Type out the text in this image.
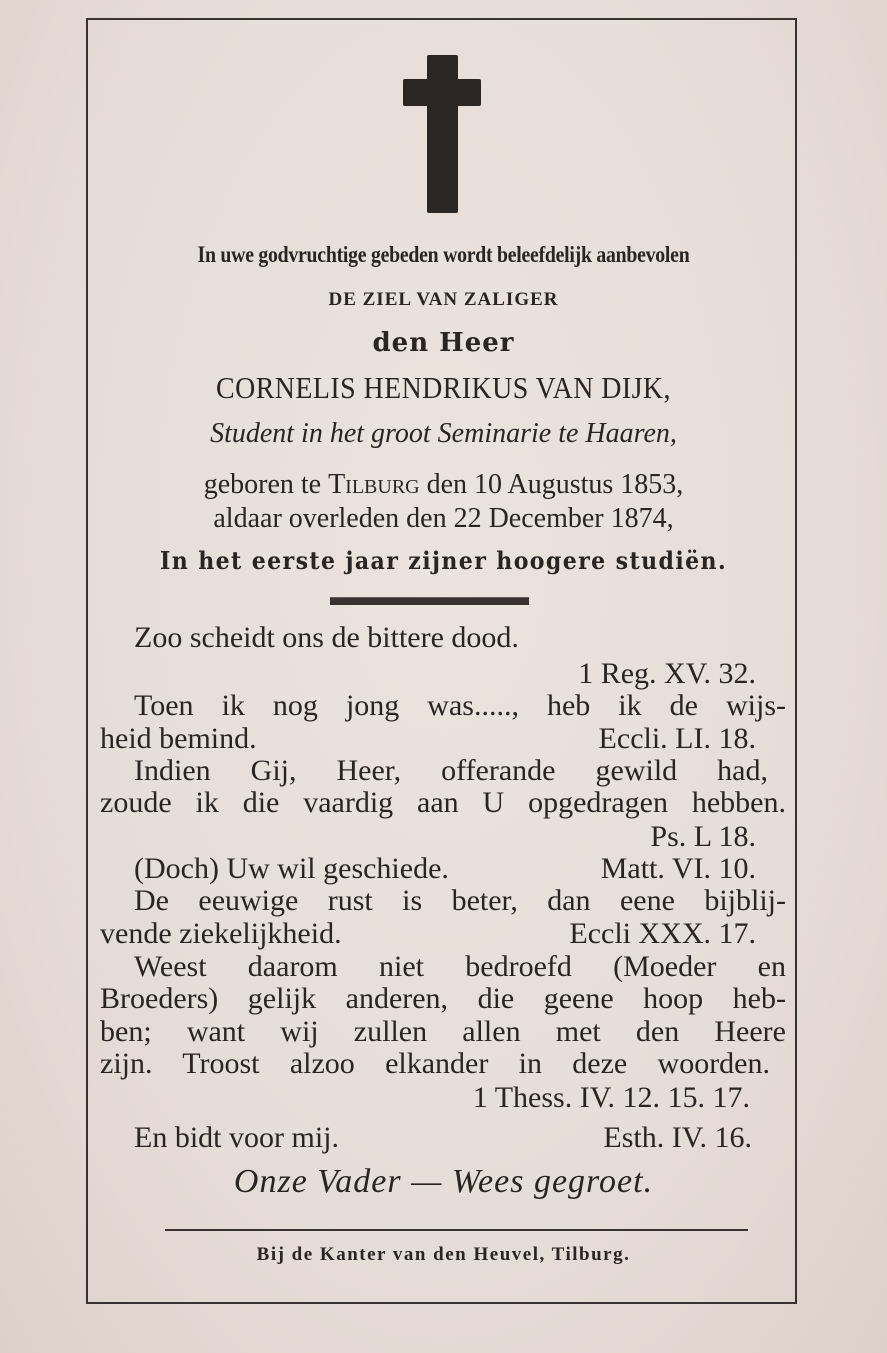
In uwe godvruchtige gebeden wordt beleefdelijk aanbevolen
DE ZIEL VAN ZALIGER
den Heer
CORNELIS HENDRIKUS VAN DIJK,
Student in het groot Seminarie te Haaren,
geboren te Tilburg den 10 Augustus 1853,
aldaar overleden den 22 December 1874,
In het eerste jaar zijner hoogere studiën.
Zoo scheidt ons de bittere dood.
1 Reg. XV. 32.
Toen ik nog jong was....., heb ik de wijs-
heid bemind.	Eccli. LI. 18.
Indien Gij, Heer, offerande gewild had,
zoude ik die vaardig aan U opgedragen hebben.
Ps. L 18.
(Doch) Uw wil geschiede.	Matt. VI. 10.
De eeuwige rust is beter, dan eene bijblij-
vende ziekelijkheid.	Eccli XXX. 17.
Weest daarom niet bedroefd (Moeder en
Broeders) gelijk anderen, die geene hoop heb-
ben; want wij zullen allen met den Heere
zijn. Troost alzoo elkander in deze woorden.
1 Thess. IV. 12. 15. 17.
En bidt voor mij.	Esth. IV. 16.
Onze Vader — Wees gegroet.
Bij de Kanter van den Heuvel, Tilburg.
